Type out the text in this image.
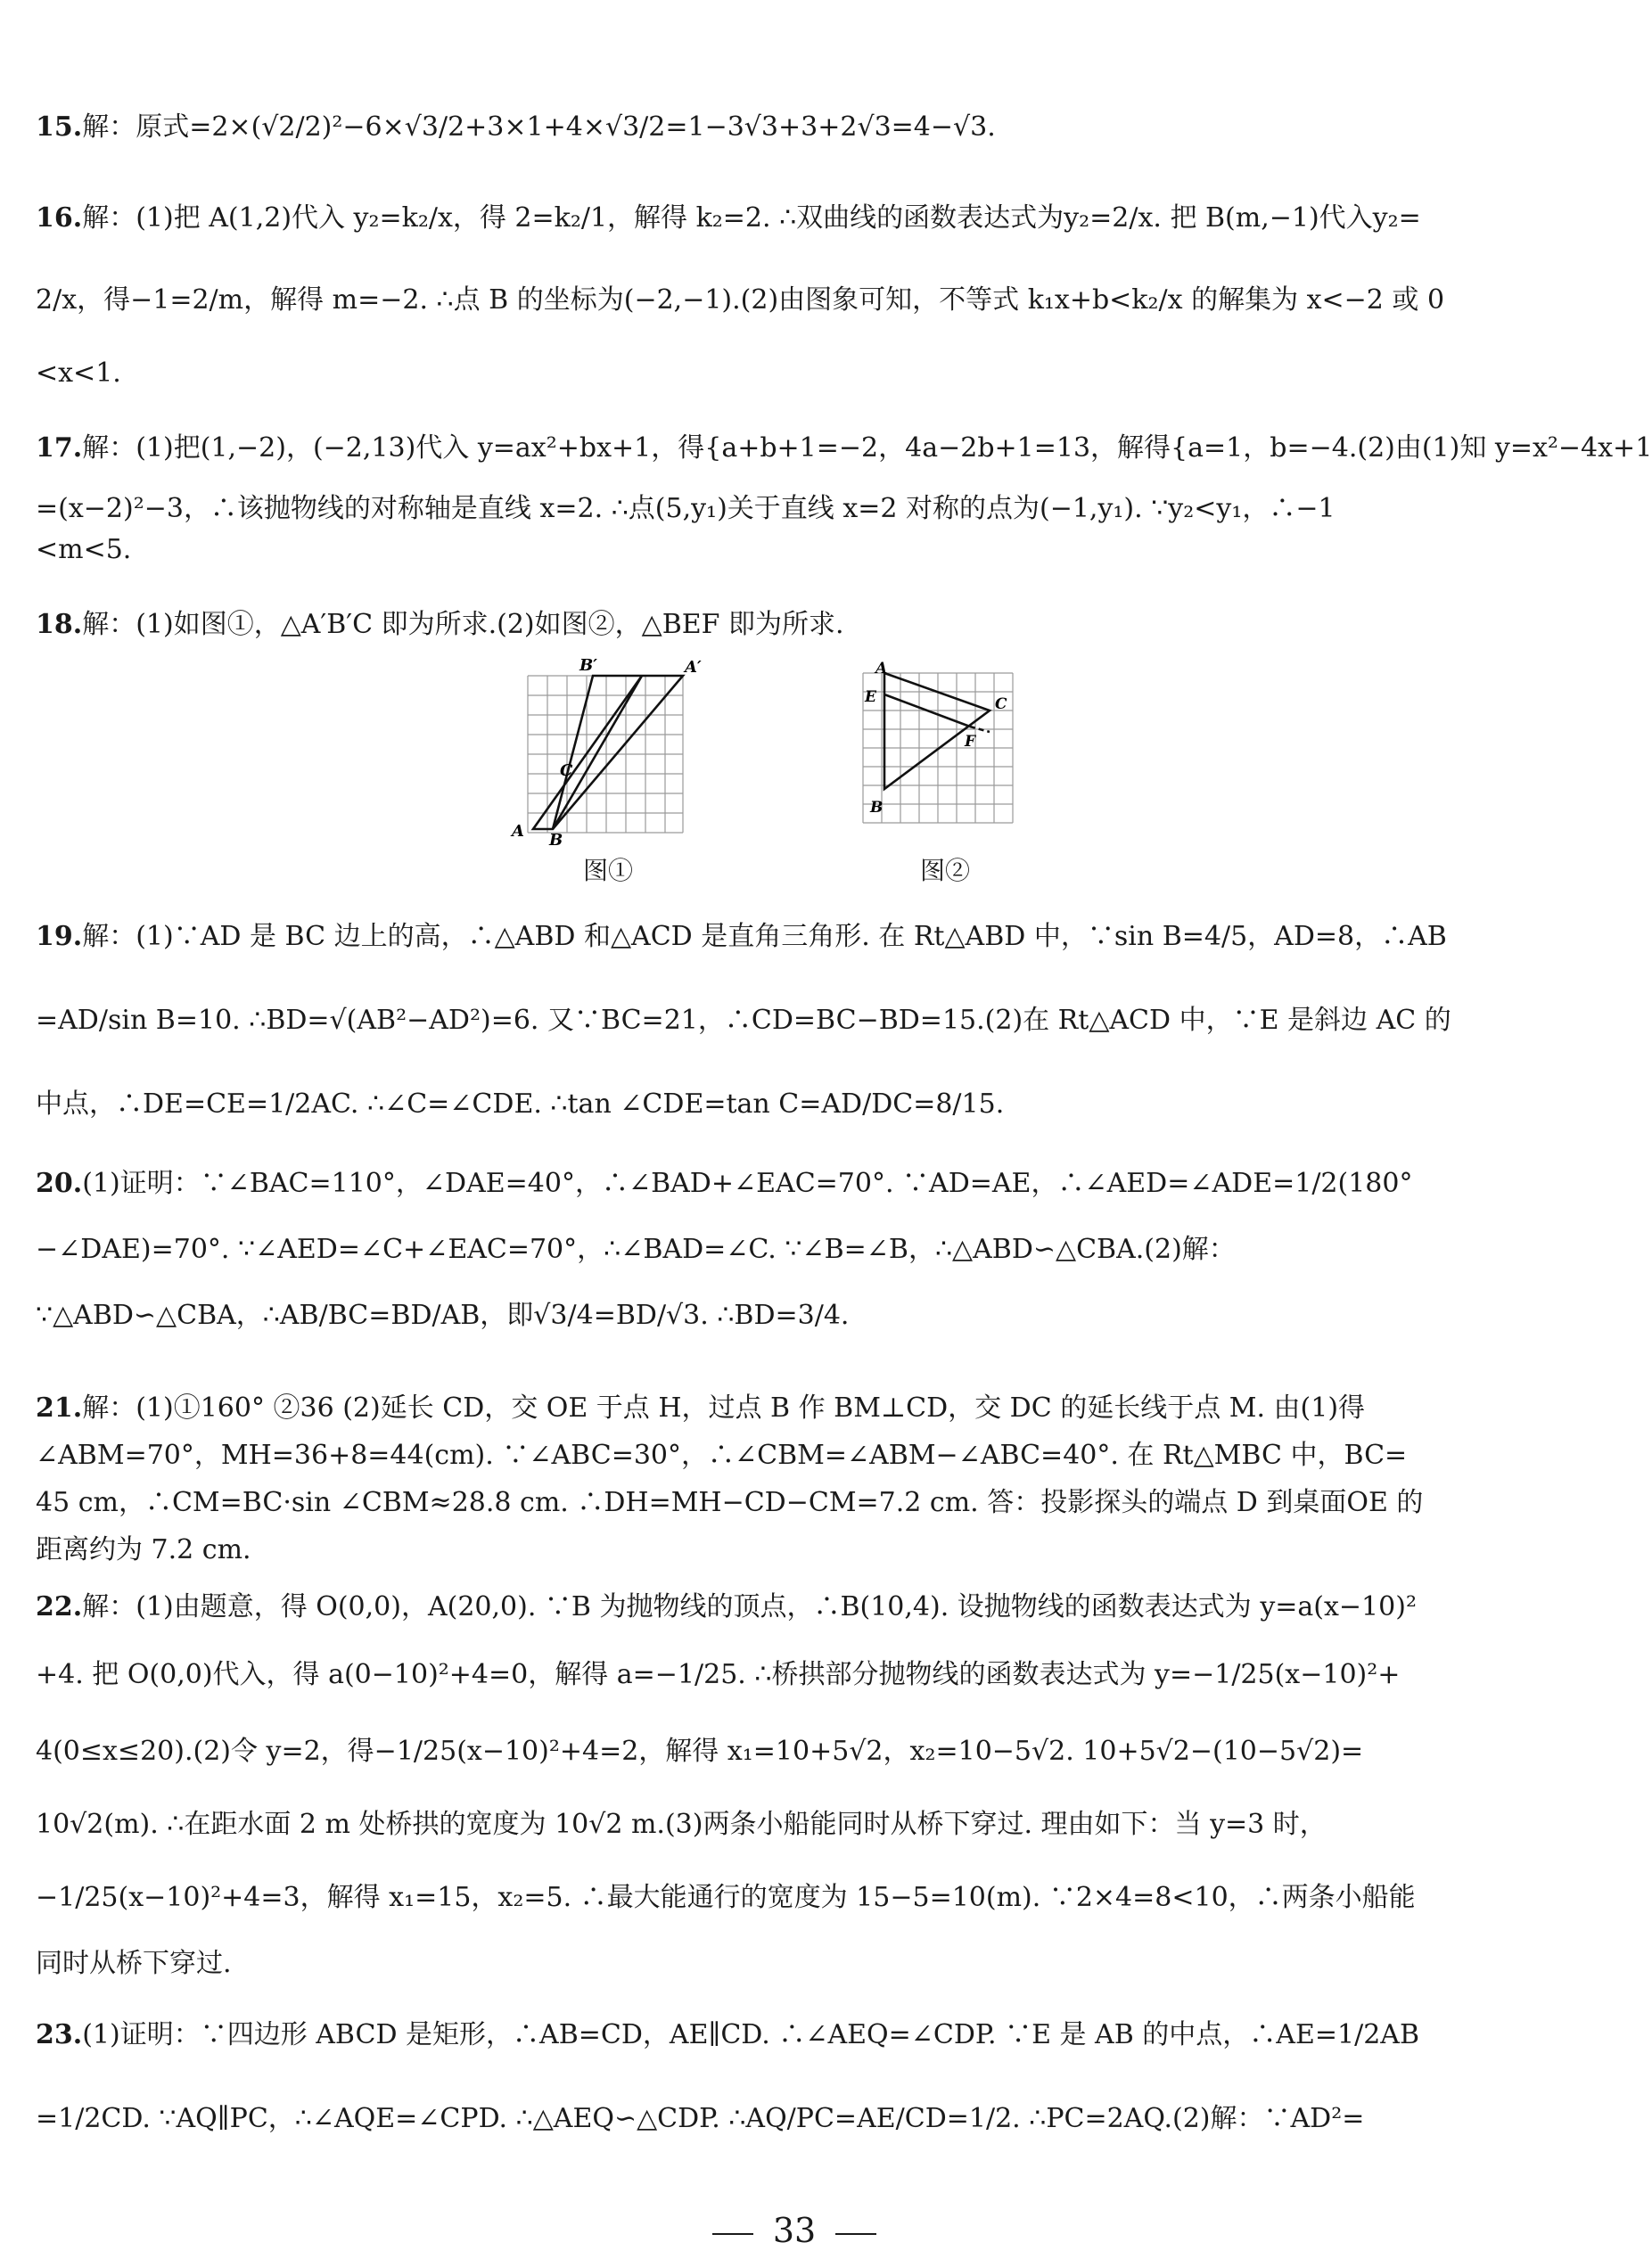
15.解：原式=2×(√2/2)²−6×√3/2+3×1+4×√3/2=1−3√3+3+2√3=4−√3.
16.解：(1)把 A(1,2)代入 y₂=k₂/x，得 2=k₂/1，解得 k₂=2. ∴双曲线的函数表达式为y₂=2/x. 把 B(m,−1)代入y₂=
2/x，得−1=2/m，解得 m=−2. ∴点 B 的坐标为(−2,−1).(2)由图象可知，不等式 k₁x+b<k₂/x 的解集为 x<−2 或 0
<x<1.
17.解：(1)把(1,−2)，(−2,13)代入 y=ax²+bx+1，得{a+b+1=−2，4a−2b+1=13，解得{a=1，b=−4.(2)由(1)知 y=x²−4x+1
=(x−2)²−3，∴该抛物线的对称轴是直线 x=2. ∴点(5,y₁)关于直线 x=2 对称的点为(−1,y₁). ∵y₂<y₁，∴−1
<m<5.
18.解：(1)如图①，△A′B′C 即为所求.(2)如图②，△BEF 即为所求.
B′	A′
C
A B
图①
A
E	C
F
B
图②
19.解：(1)∵AD 是 BC 边上的高，∴△ABD 和△ACD 是直角三角形. 在 Rt△ABD 中，∵sin B=4/5，AD=8，∴AB
=AD/sin B=10. ∴BD=√(AB²−AD²)=6. 又∵BC=21，∴CD=BC−BD=15.(2)在 Rt△ACD 中，∵E 是斜边 AC 的
中点，∴DE=CE=1/2AC. ∴∠C=∠CDE. ∴tan ∠CDE=tan C=AD/DC=8/15.
20.(1)证明：∵∠BAC=110°，∠DAE=40°，∴∠BAD+∠EAC=70°. ∵AD=AE，∴∠AED=∠ADE=1/2(180°
−∠DAE)=70°. ∵∠AED=∠C+∠EAC=70°，∴∠BAD=∠C. ∵∠B=∠B，∴△ABD∽△CBA.(2)解：
∵△ABD∽△CBA，∴AB/BC=BD/AB，即√3/4=BD/√3. ∴BD=3/4.
21.解：(1)①160° ②36 (2)延长 CD，交 OE 于点 H，过点 B 作 BM⊥CD，交 DC 的延长线于点 M. 由(1)得
∠ABM=70°，MH=36+8=44(cm). ∵∠ABC=30°，∴∠CBM=∠ABM−∠ABC=40°. 在 Rt△MBC 中，BC=
45 cm，∴CM=BC·sin ∠CBM≈28.8 cm. ∴DH=MH−CD−CM=7.2 cm. 答：投影探头的端点 D 到桌面OE 的
距离约为 7.2 cm.
22.解：(1)由题意，得 O(0,0)，A(20,0). ∵B 为抛物线的顶点，∴B(10,4). 设抛物线的函数表达式为 y=a(x−10)²
+4. 把 O(0,0)代入，得 a(0−10)²+4=0，解得 a=−1/25. ∴桥拱部分抛物线的函数表达式为 y=−1/25(x−10)²+
4(0≤x≤20).(2)令 y=2，得−1/25(x−10)²+4=2，解得 x₁=10+5√2，x₂=10−5√2. 10+5√2−(10−5√2)=
10√2(m). ∴在距水面 2 m 处桥拱的宽度为 10√2 m.(3)两条小船能同时从桥下穿过. 理由如下：当 y=3 时，
−1/25(x−10)²+4=3，解得 x₁=15，x₂=5. ∴最大能通行的宽度为 15−5=10(m). ∵2×4=8<10，∴两条小船能
同时从桥下穿过.
23.(1)证明：∵四边形 ABCD 是矩形，∴AB=CD，AE∥CD. ∴∠AEQ=∠CDP. ∵E 是 AB 的中点，∴AE=1/2AB
=1/2CD. ∵AQ∥PC，∴∠AQE=∠CPD. ∴△AEQ∽△CDP. ∴AQ/PC=AE/CD=1/2. ∴PC=2AQ.(2)解：∵AD²=
33
